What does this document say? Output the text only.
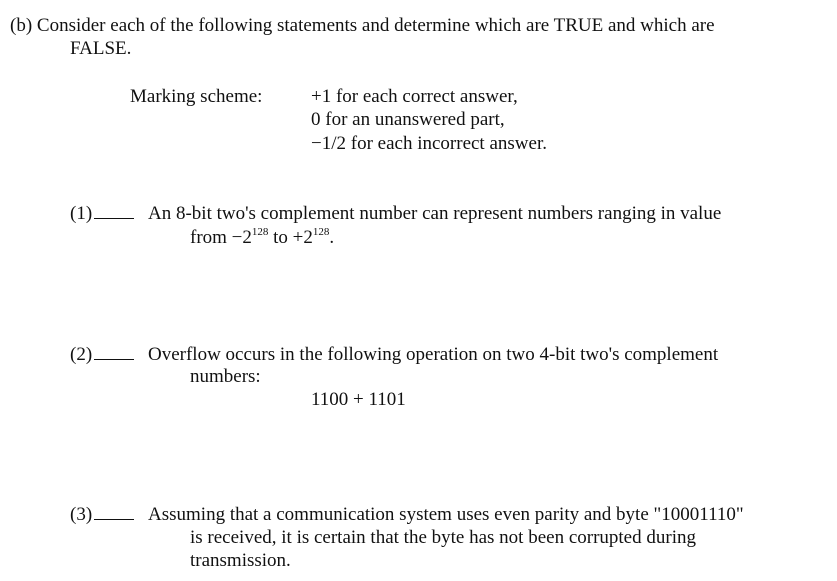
(b) Consider each of the following statements and determine which are TRUE and which are
FALSE.
Marking scheme:	+1 for each correct answer,
0 for an unanswered part,
−1/2 for each incorrect answer.
(1)	An 8-bit two's complement number can represent numbers ranging in value
from $-2^{128}$ to $+2^{128}$.
(2)	Overflow occurs in the following operation on two 4-bit two's complement
numbers:
1100 + 1101
(3)	Assuming that a communication system uses even parity and byte "10001110"
is received, it is certain that the byte has not been corrupted during
transmission.
